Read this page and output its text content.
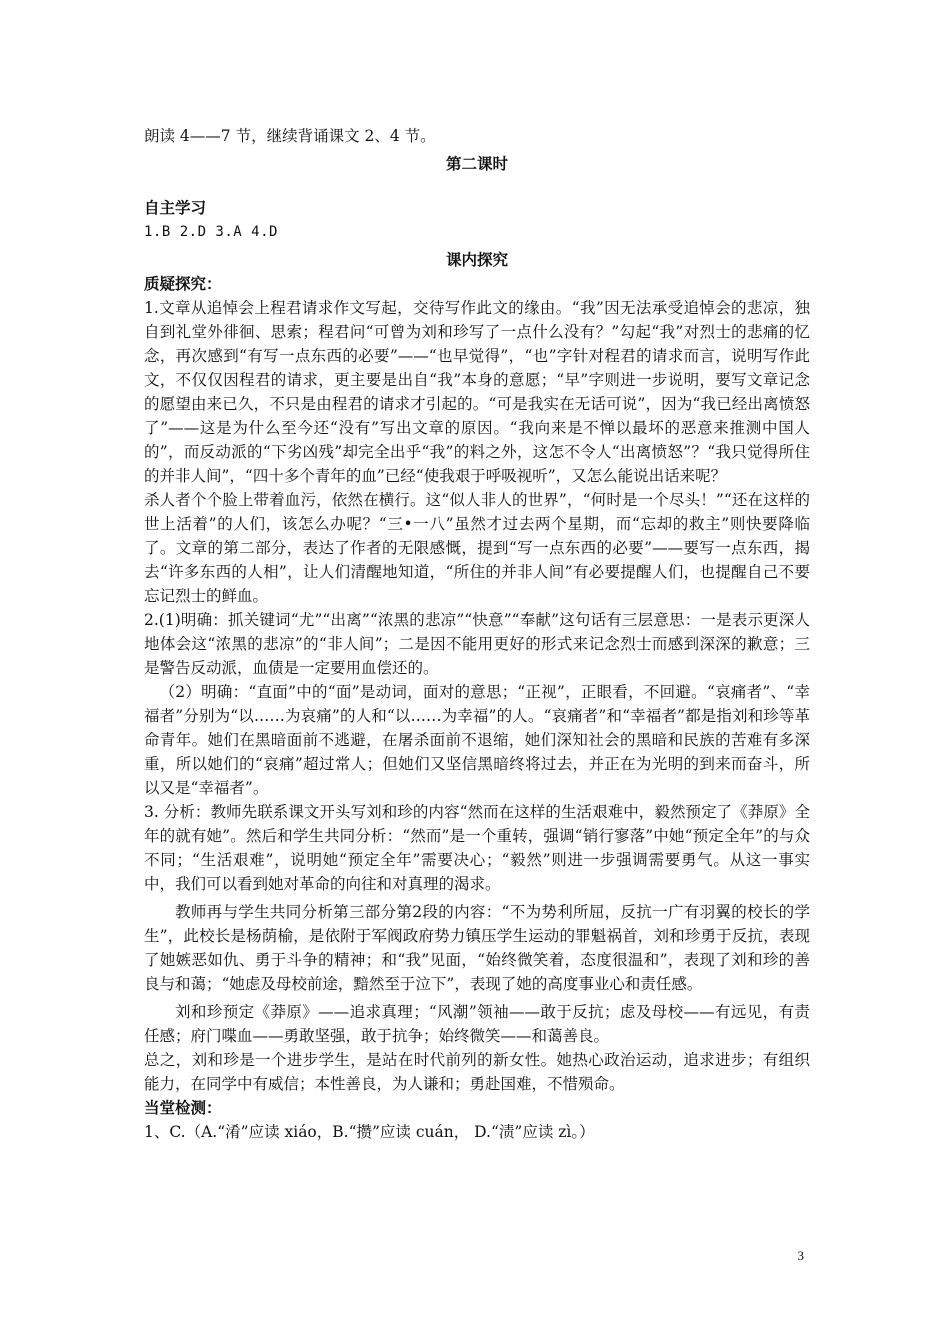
朗读 4——7 节，继续背诵课文 2、4 节。

第二课时

自主学习

1.B 2.D 3.A 4.D

课内探究

质疑探究：

1.文章从追悼会上程君请求作文写起，交待写作此文的缘由。“我”因无法承受追悼会的悲凉，独自到礼堂外徘徊、思索；程君问“可曾为刘和珍写了一点什么没有？”勾起“我”对烈士的悲痛的忆念，再次感到“有写一点东西的必要”——“也早觉得”，“也”字针对程君的请求而言，说明写作此文，不仅仅因程君的请求，更主要是出自“我”本身的意愿；“早”字则进一步说明，要写文章记念的愿望由来已久，不只是由程君的请求才引起的。“可是我实在无话可说”，因为“我已经出离愤怒了”——这是为什么至今还“没有”写出文章的原因。“我向来是不惮以最坏的恶意来推测中国人的”，而反动派的“下劣凶残”却完全出乎“我”的料之外，这怎不令人“出离愤怒”？“我只觉得所住的并非人间”，“四十多个青年的血”已经“使我艰于呼吸视听”，又怎么能说出话来呢？

杀人者个个脸上带着血污，依然在横行。这“似人非人的世界”，“何时是一个尽头！”“还在这样的世上活着”的人们，该怎么办呢？“三•一八”虽然才过去两个星期，而“忘却的救主”则快要降临了。文章的第二部分，表达了作者的无限感慨，提到“写一点东西的必要”——要写一点东西，揭去“许多东西的人相”，让人们清醒地知道，“所住的并非人间”有必要提醒人们，也提醒自己不要忘记烈士的鲜血。

2.(1)明确：抓关键词“尤”“出离”“浓黑的悲凉”“快意”“奉献”这句话有三层意思：一是表示更深人地体会这“浓黑的悲凉”的“非人间”；二是因不能用更好的形式来记念烈士而感到深深的歉意；三是警告反动派，血债是一定要用血偿还的。

（2）明确：“直面”中的“面”是动词，面对的意思；“正视”，正眼看，不回避。“哀痛者”、“幸福者”分别为“以……为哀痛”的人和“以……为幸福”的人。“哀痛者”和“幸福者”都是指刘和珍等革命青年。她们在黑暗面前不逃避，在屠杀面前不退缩，她们深知社会的黑暗和民族的苦难有多深重，所以她们的“哀痛”超过常人；但她们又坚信黑暗终将过去，并正在为光明的到来而奋斗，所以又是“幸福者”。

3. 分析：教师先联系课文开头写刘和珍的内容“然而在这样的生活艰难中，毅然预定了《莽原》全年的就有她”。然后和学生共同分析：“然而”是一个重转，强调“销行寥落”中她“预定全年”的与众不同；“生活艰难”，说明她“预定全年”需要决心；“毅然”则进一步强调需要勇气。从这一事实中，我们可以看到她对革命的向往和对真理的渴求。

教师再与学生共同分析第三部分第2段的内容：“不为势利所屈，反抗一广有羽翼的校长的学生”，此校长是杨荫榆，是依附于军阀政府势力镇压学生运动的罪魁祸首，刘和珍勇于反抗，表现了她嫉恶如仇、勇于斗争的精神；和“我”见面，“始终微笑着，态度很温和”，表现了刘和珍的善良与和蔼；“她虑及母校前途，黯然至于泣下”，表现了她的高度事业心和责任感。

刘和珍预定《莽原》——追求真理；“风潮”领袖——敢于反抗；虑及母校——有远见，有责任感；府门喋血——勇敢坚强，敢于抗争；始终微笑——和蔼善良。

总之，刘和珍是一个进步学生，是站在时代前列的新女性。她热心政治运动，追求进步；有组织能力，在同学中有威信；本性善良，为人谦和；勇赴国难，不惜殒命。

当堂检测：

1、C.（A.“淆”应读 xiáo，B.“攒”应读 cuán， D.“渍”应读 zì。）

3
